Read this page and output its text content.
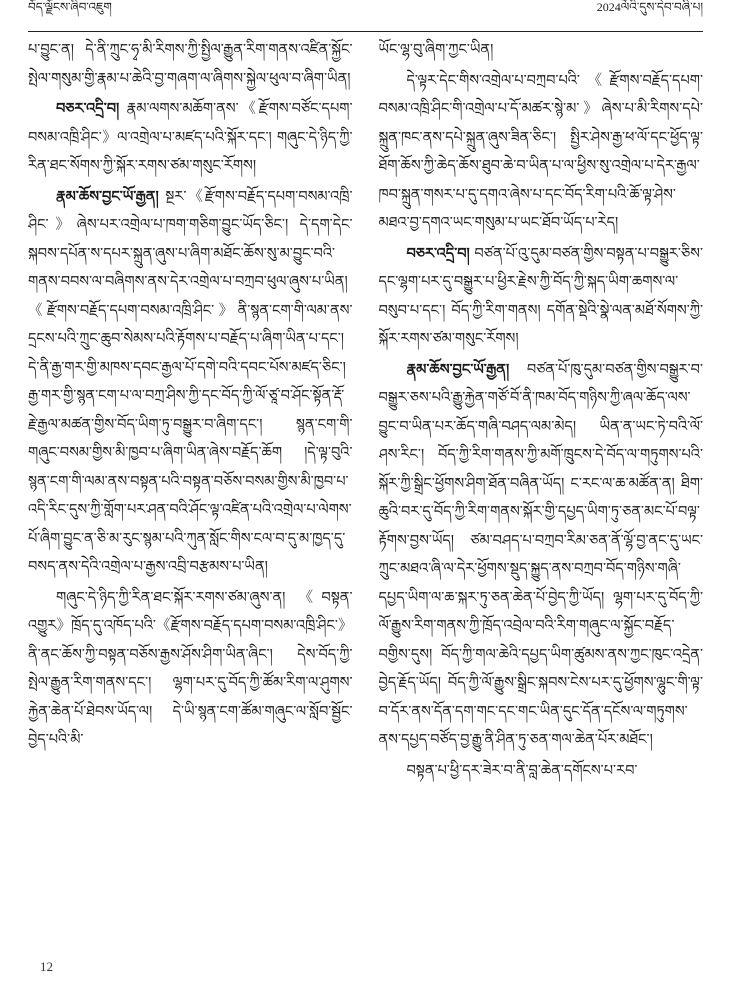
བོད་ལྗོངས་ཞིབ་འཇུག	2024ལོའི་དུས་དེབ་བཞི་པ།

པ་བྱུང་ན། དེ་ནི་ཀྲུང་ཧྭ་མི་རིགས་ཀྱི་སྤྱིལ་རྒྱུན་རིག་གནས་འཛིན་སྐྱོང་སྤེལ་གསུམ་གྱི་རྣམ་པ་ཆེའི་བྱ་གཞག་ལ་ཞིགས་སྐྱེལ་ཕུལ་བ་ཞིག་ཡིན།

བཅར་འདྲི་བ། རྣམ་ལགས་མཆོག་ནས་《རྫོགས་བཙོང་དཔག་བསམ་འཁྲི་ཤིང་》ལ་འགྲེལ་པ་མཛད་པའི་སྐོར་དང་། གཞུང་དེ་ཉིད་ཀྱི་རིན་ཐང་སོགས་ཀྱི་སྐོར་རགས་ཙམ་གསུང་རོགས།

རྣམ་ཆོས་བྱང་ཡོ་རྒྱན། སྔར་《རྫོགས་བརྗོད་དཔག་བསམ་འཁྲི་ཤིང་》ཞེས་པར་འགྲེལ་པ་ཁག་གཅིག་བྱུང་ཡོད་ཅིང་། དེ་དག་དེང་སྐབས་དཔོན་ས་དཔར་སྐྲུན་ཞུས་པ་ཞིག་མཐོང་ཆོས་སུ་མ་བྱུང་བའི་གནས་བབས་ལ་བཞིགས་ནས་དེར་འགྲེལ་པ་བཀྲབ་ཕུལ་ཞུས་པ་ཡིན། 《རྫོགས་བརྗོད་དཔག་བསམ་འཁྲི་ཤིང་》ནི་སྙན་ངག་གི་ལམ་ནས་དྲངས་པའི་ཀྲུང་ཆུབ་སེམས་པའི་རྟོགས་པ་བརྗོད་པ་ཞིག་ཡིན་པ་དང་། དེ་ནི་རྒྱ་གར་གྱི་མཁས་དབང་རྒྱལ་པོ་དགེ་བའི་དབང་པོས་མཛད་ཅིང་། རྒྱ་གར་གྱི་སྙན་ངག་པ་ལ་བཀྲ་ཤིས་ཀྱི་དང་བོད་ཀྱི་ལོ་ཙཱ་བ་ཤོང་སྟོན་རྡོ་རྗེ་རྒྱལ་མཚན་གྱིས་བོད་ཡིག་ཏུ་བསྒྱུར་བ་ཞིག་དང་། སྙན་ངག་གི་གཞུང་བསམ་གྱིས་མི་ཁྱབ་པ་ཞིག་ཡིན་ཞེས་བརྗོད་ཆོག །དེ་ལྟ་བུའི་སྙན་ངག་གི་ལམ་ནས་བསྟན་པའི་བསྟན་བཅོས་བསམ་གྱིས་མི་ཁྱབ་པ་འདི་རིང་དུས་ཀྱི་གློག་པར་ཤན་བའི་ཤོང་ལྟ་འཛིན་པའི་འགྲེལ་པ་ལེགས་པོ་ཞིག་བྱུང་ན་ཅི་མ་རུང་སྙམ་པའི་ཀུན་སློང་གིས་ངལ་བ་དུ་མ་ཁྱད་དུ་བསད་ནས་དེའི་འགྲེལ་པ་རྒྱས་འབྲི་བརྩམས་པ་ཡིན།

གཞུང་དེ་ཉིད་ཀྱི་རིན་ཐང་སྐོར་རགས་ཙམ་ཞུས་ན། 《བསྟན་འགྱུར》ཁྲོད་དུ་འཁོད་པའི་《རྫོགས་བརྗོད་དཔག་བསམ་འཁྲི་ཤིང་》ནི་ནང་ཆོས་ཀྱི་བསྟན་བཅོས་རྒྱས་ཤོས་ཤིག་ཡིན་ཞིང་། དེས་བོད་ཀྱི་སྤེལ་རྒྱུན་རིག་གནས་དང་། ལྷག་པར་དུ་བོད་ཀྱི་ཚོམ་རིག་ལ་ཤུགས་རྐྱེན་ཆེན་པོ་ཐེབས་ཡོད་ལ། དེ་ཡི་སྙན་ངག་ཚོམ་གཞུང་ལ་སློབ་སྦྱོང་བྱེད་པའི་མི་

ཡོང་ལྷ་བུ་ཞིག་ཀྱང་ཡིན།

དེ་ལྟར་དེང་གིས་འགྲེལ་པ་བཀྲབ་པའི་《རྫོགས་བརྗོད་དཔག་བསམ་འཁྲི་ཤིང་གི་འགྲེལ་པ་དོ་མཚར་སྙེ་མ་》ཞེས་པ་མི་རིགས་དཔེ་སྐྲུན་ཁང་ནས་དཔེ་སྐྲུན་ཞུས་ཟིན་ཅིང་། སྤྱིར་ཤེས་རྒྱ་ཕ་ལོ་དང་ཕྱོད་ལྟ་ཐོག་ཆོས་ཀྱི་ཆེད་ཆོས་ཐུབ་ཆེ་བ་ཡིན་པ་ལ་ཕྱིས་སུ་འགྲེལ་པ་དེར་རྒྱལ་ཁབ་སྐྲུན་གསར་པ་དུ་དགའ་ཞེས་པ་དང་བོད་རིག་པའི་ཆོ་ལྟ་ཤེས་མཐའ་བྱ་དགའ་ཡང་གསུམ་པ་ཡང་ཐོབ་ཡོད་པ་རེད།

བཅར་འདྲི་བ། བཙན་པོ་འུ་དུམ་བཙན་གྱིས་བསྟན་པ་བསྒྱུར་ཅིས་དང་ལྷག་པར་དུ་བསྒྱུར་པ་ཕྱིར་རྗེས་ཀྱི་བོད་ཀྱི་སྐད་ཡིག་ཆགས་ལ་བསུབ་པ་དང་། བོད་ཀྱི་རིག་གནས། དགོན་སྡེའི་སྣེ་ལན་མཐོ་སོགས་ཀྱི་སྐོར་རགས་ཙམ་གསུང་རོགས།

རྣམ་ཆོས་བྱང་ཡོ་རྒྱན། བཙན་པོ་ཁུ་དུམ་བཙན་གྱིས་བསྒྱུར་བ་བསྒྱུར་ཅས་པའི་རྒྱུ་རྐྱེན་གཙོ་བོ་ནི་ཁམ་བོད་གཉིས་ཀྱི་ཞལ་ཆོད་ལས་བྱུང་བ་ཡིན་པར་ཆོད་གཞི་བཤད་ལམ་མེད། ཡིན་ན་ཡང་ཏེ་བའི་ལོ་ཤས་རིང་། བོད་ཀྱི་རིག་གནས་ཀྱི་མགོ་ཁྲུངས་དེ་བོད་ལ་གཏུགས་པའི་སྐོར་ཀྱི་སྒྲིང་ཕྱོགས་ཤིག་ཐོན་བཞིན་ཡོད། ང་རང་ལ་ཆ་མཚོན་ན། ཐིག་ཆུའི་བར་དུ་བོད་ཀྱི་རིག་གནས་སྐོར་གྱི་དཔྱད་ཡིག་ཏུ་ཅན་མང་པོ་བལྟ་རྟོགས་བྱས་ཡོད། ཙམ་བཤད་པ་བཀྲབ་རིམ་ཅན་ནོ་ལྷོ་བྱ་ནང་དུ་ཡང་ཀྲུང་མཐའ་ཞི་ལ་དེར་ཕྱོགས་སྡུད་སྐྱུད་ནས་བཀྲབ་བོད་གཉིས་གཞི་དཔྱད་ཡིག་ལ་ཆ་སྐར་ཏུ་ཅན་ཆེན་པོ་བྱེད་ཀྱི་ཡོད། ལྷག་པར་དུ་བོད་ཀྱི་ལོ་རྒྱུས་རིག་གནས་ཀྱི་ཁྲོད་འབྲེལ་བའི་རིག་གཞུང་ལ་སྐྱོང་བརྗོད་བགྱིས་དུས། བོད་ཀྱི་གལ་ཆེའི་དཔྱད་ཡིག་ཚུམས་ནས་ཀྱང་ཁུང་འདྲེན་བྱེད་རྗོད་ཡོད། བོད་ཀྱི་ལོ་རྒྱུས་སྒྲིང་སྐབས་ངེས་པར་དུ་ཕྱོགས་ལྷུང་གི་ལྟ་བ་དོར་ནས་དོན་དག་གང་དང་གང་ཡིན་དུང་དོན་དངོས་ལ་གཏུགས་ནས་དཔྱད་བཙོད་བྱ་རྒྱུ་ནི་ཤིན་ཏུ་ཅན་གལ་ཆེན་པོར་མཐོང་།

བསྟན་པ་ཕྱི་དར་ཟེར་བ་ནི་བླ་ཆེན་དགོངས་པ་རབ་

12
